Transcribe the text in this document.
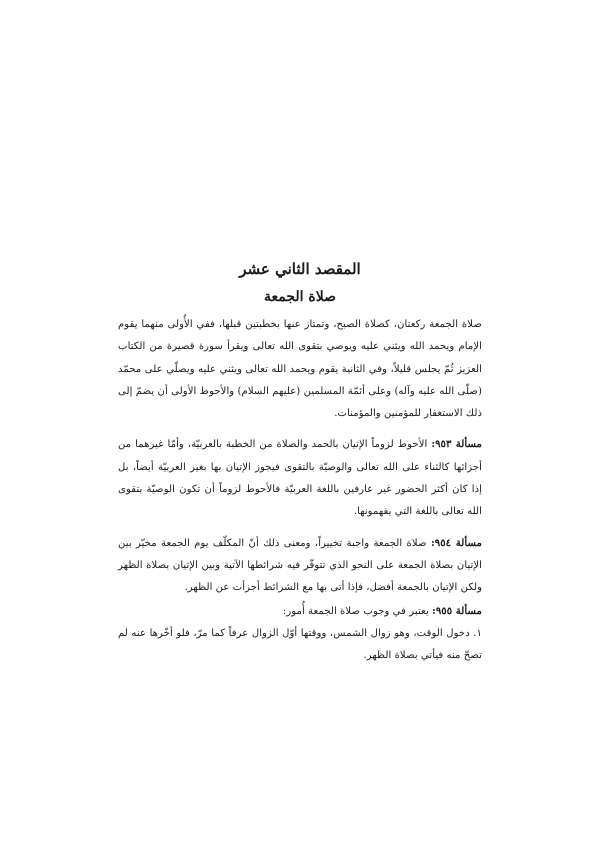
المقصد الثاني عشر
صلاة الجمعة

صلاة الجمعة ركعتان، كصلاة الصبح، وتمتاز عنها بخطبتين قبلها، ففي الأُولى منهما يقوم الإمام ويحمد الله ويثني عليه ويوصي بتقوى الله تعالى ويقرأ سورة قصيرة من الكتاب العزيز ثُمّ يجلس قليلاً، وفي الثانية يقوم ويحمد الله تعالى ويثني عليه ويصلّي على محمّد (صلّى الله عليه وآله) وعلى أئمّة المسلمين (عليهم السلام) والأحوط الأولى أن يضمّ إلى ذلك الاستغفار للمؤمنين والمؤمنات.

مسألة ٩٥٣: الأحوط لزوماً الإتيان بالحمد والصلاة من الخطبة بالعربيّة، وأمّا غيرهما من أجزائها كالثناء على الله تعالى والوصيّة بالتقوى فيجوز الإتيان بها بغير العربيّة أيضاً، بل إذا كان أكثر الحضور غير عارفين باللغة العربيّة فالأحوط لزوماً أن تكون الوصيّة بتقوى الله تعالى باللغة التي يفهمونها.

مسألة ٩٥٤: صلاة الجمعة واجبة تخييراً، ومعنى ذلك أنّ المكلّف يوم الجمعة مخيّر بين الإتيان بصلاة الجمعة على النحو الذي تتوفّر فيه شرائطها الآتية وبين الإتيان بصلاة الظهر ولكن الإتيان بالجمعة أفضل، فإذا أتى بها مع الشرائط أجزأت عن الظهر.

مسألة ٩٥٥: يعتبر في وجوب صلاة الجمعة أُمور:

١. دخول الوقت، وهو زوال الشمس، ووقتها أوّل الزوال عرفاً كما مرّ، فلو أخّرها عنه لم تصحّ منه فيأتي بصلاة الظهر.
